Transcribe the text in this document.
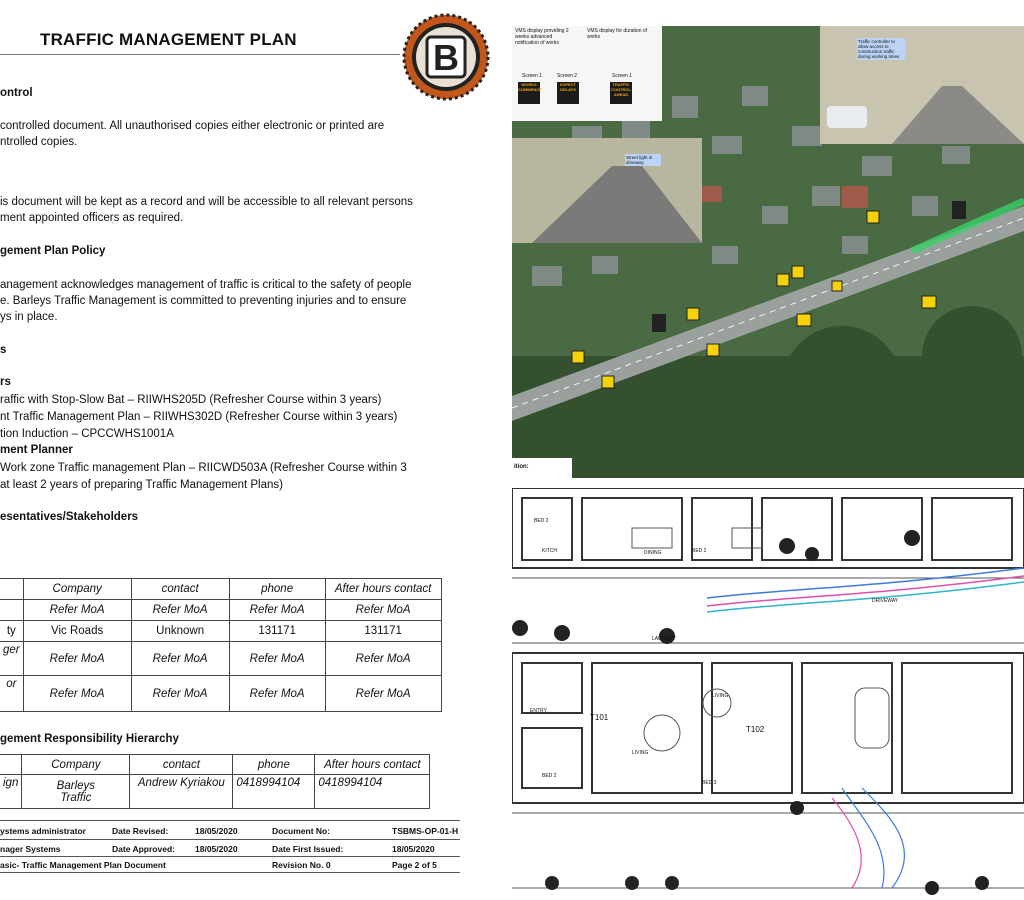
TRAFFIC MANAGEMENT PLAN	B
ontrol
controlled document. All unauthorised copies either electronic or printed are
ntrolled copies.
is document will be kept as a record and will be accessible to all relevant persons
ment appointed officers as required.
gement Plan Policy
anagement acknowledges management of traffic is critical to the safety of people
e. Barleys Traffic Management is committed to preventing injuries and to ensure
ys in place.
s
rs
raffic with Stop-Slow Bat – RIIWHS205D (Refresher Course within 3 years)
nt Traffic Management Plan – RIIWHS302D (Refresher Course within 3 years)
tion Induction – CPCCWHS1001A
ment Planner
Work zone Traffic management Plan – RIICWD503A (Refresher Course within 3
at least 2 years of preparing Traffic Management Plans)
esentatives/Stakeholders
	Company	contact	phone	After hours contact
	Refer MoA	Refer MoA	Refer MoA	Refer MoA
ty	Vic Roads	Unknown	131171	131171
ger	Refer MoA	Refer MoA	Refer MoA	Refer MoA
or	Refer MoA	Refer MoA	Refer MoA	Refer MoA
gement Responsibility Hierarchy
	Company	contact	phone	After hours contact
ign	Barleys Traffic	Andrew Kyriakou	0418994104	0418994104
ystems administrator	Date Revised:	18/05/2020	Document No:	TSBMS-OP-01-H
nager Systems	Date Approved: 18/05/2020	Date First Issued:	18/05/2020
asic- Traffic Management Plan Document	Revision No. 0	Page 2 of 5
VMS display providing 2 weeks advanced notification of works
VMS display for duration of works
Screen 1	Screen 2	Screen 1
WORKS COMMENCE
EXPECT DELAYS
TRAFFIC CONTROL AHEAD
Traffic controller to allow access to construction traffic during working times
Street light in driveway
ition:
BED 2
LIVING
KITCH	DINING
ENTRY
T101
T102
BED 2
DRIVEWAY
LAUNDRY
BED 2
LIVING
BED 3
